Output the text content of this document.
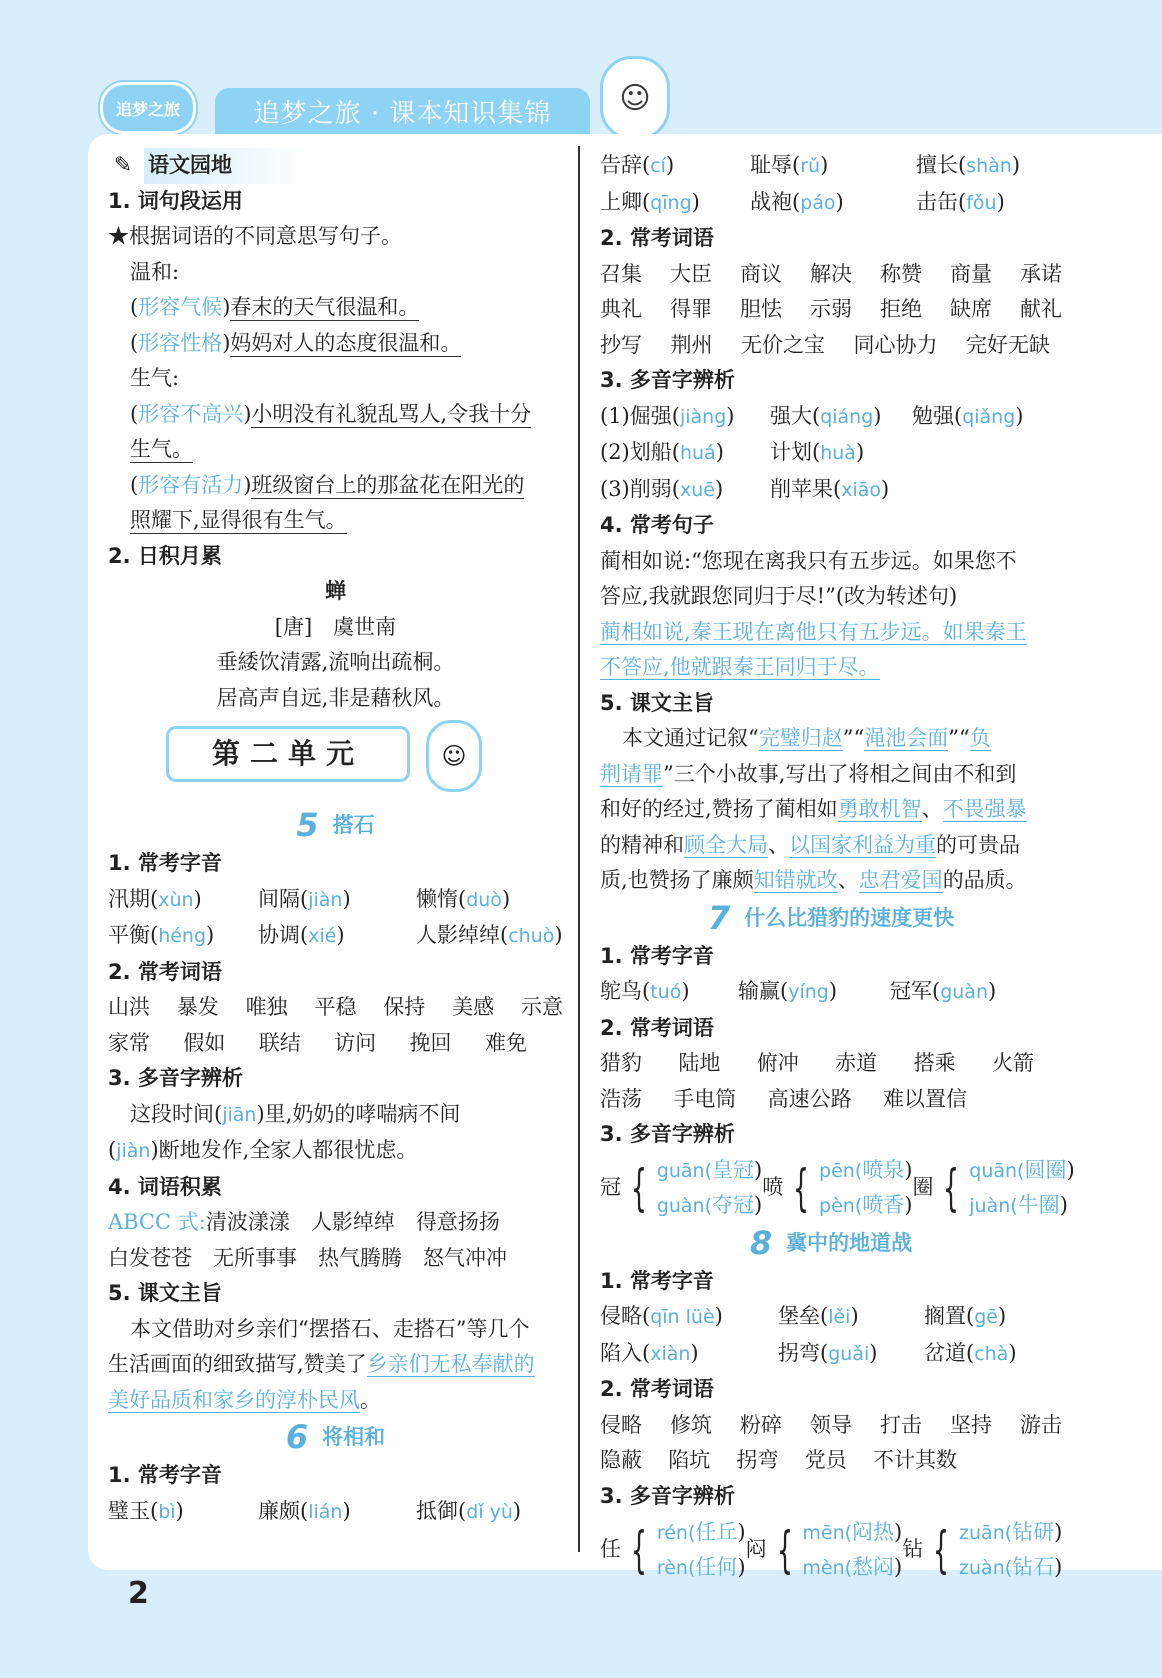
追梦之旅	追梦之旅 · 课本知识集锦	☺
✎ 语文园地
1. 词句段运用
★根据词语的不同意思写句子。
温和:
(形容气候)春末的天气很温和。
(形容性格)妈妈对人的态度很温和。
生气:
(形容不高兴)小明没有礼貌乱骂人,令我十分
生气。
(形容有活力)班级窗台上的那盆花在阳光的
照耀下,显得很有生气。
2. 日积月累
蝉
[唐]　虞世南
垂緌饮清露,流响出疏桐。
居高声自远,非是藉秋风。
第二单元	☺
5 搭石
1. 常考字音
汛期(xùn)	间隔(jiàn)	懒惰(duò)
平衡(héng)	协调(xié)	人影绰绰(chuò)
2. 常考词语
山洪 暴发 唯独 平稳 保持 美感 示意
家常 假如 联结 访问 挽回 难免
3. 多音字辨析
这段时间(jiān)里,奶奶的哮喘病不间
(jiàn)断地发作,全家人都很忧虑。
4. 词语积累
ABCC 式:清波漾漾　人影绰绰　得意扬扬
白发苍苍　无所事事　热气腾腾　怒气冲冲
5. 课文主旨
本文借助对乡亲们“摆搭石、走搭石”等几个
生活画面的细致描写,赞美了乡亲们无私奉献的
美好品质和家乡的淳朴民风。
6 将相和
1. 常考字音
璧玉(bì)	廉颇(lián)	抵御(dǐ yù)
告辞(cí)	耻辱(rǔ)	擅长(shàn)
上卿(qīng)	战袍(páo)	击缶(fǒu)
2. 常考词语
召集 大臣 商议 解决 称赞 商量 承诺
典礼 得罪 胆怯 示弱 拒绝 缺席 献礼
抄写 荆州 无价之宝 同心协力 完好无缺
3. 多音字辨析
(1)倔强(jiàng)	强大(qiáng)	勉强(qiǎng)
(2)划船(huá)	计划(huà)
(3)削弱(xuē)	削苹果(xiāo)
4. 常考句子
蔺相如说:“您现在离我只有五步远。如果您不
答应,我就跟您同归于尽!”(改为转述句)
蔺相如说,秦王现在离他只有五步远。如果秦王
不答应,他就跟秦王同归于尽。
5. 课文主旨
本文通过记叙“完璧归赵”“渑池会面”“负
荆请罪”三个小故事,写出了将相之间由不和到
和好的经过,赞扬了蔺相如勇敢机智、不畏强暴
的精神和顾全大局、以国家利益为重的可贵品
质,也赞扬了廉颇知错就改、忠君爱国的品质。
7 什么比猎豹的速度更快
1. 常考字音
鸵鸟(tuó)	输赢(yíng)	冠军(guàn)
2. 常考词语
猎豹 陆地 俯冲 赤道 搭乘 火箭
浩荡 手电筒 高速公路 难以置信
3. 多音字辨析
冠 { guān(皇冠)
guàn(夺冠)
喷 { pēn(喷泉)
pèn(喷香)
圈 { quān(圆圈)
juàn(牛圈)
8 冀中的地道战
1. 常考字音
侵略(qīn lüè)	堡垒(lěi)	搁置(gē)
陷入(xiàn)	拐弯(guǎi)	岔道(chà)
2. 常考词语
侵略 修筑 粉碎 领导 打击 坚持 游击
隐蔽 陷坑 拐弯 党员 不计其数
3. 多音字辨析
任 { rén(任丘)
rèn(任何)
闷 { mēn(闷热)
mèn(愁闷)
钻 { zuān(钻研)
zuàn(钻石)
2
